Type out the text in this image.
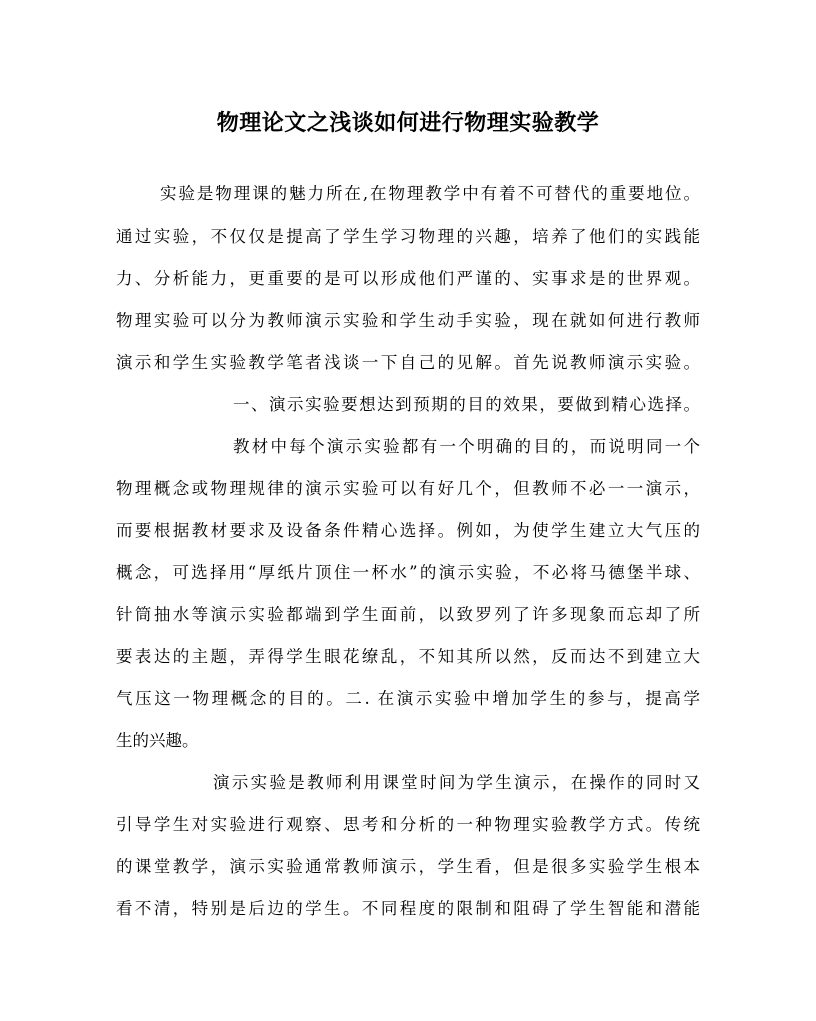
物理论文之浅谈如何进行物理实验教学
实验是物理课的魅力所在,在物理教学中有着不可替代的重要地位。
通过实验，不仅仅是提高了学生学习物理的兴趣，培养了他们的实践能
力、分析能力，更重要的是可以形成他们严谨的、实事求是的世界观。
物理实验可以分为教师演示实验和学生动手实验，现在就如何进行教师
演示和学生实验教学笔者浅谈一下自己的见解。首先说教师演示实验。
一、演示实验要想达到预期的目的效果，要做到精心选择。
教材中每个演示实验都有一个明确的目的，而说明同一个
物理概念或物理规律的演示实验可以有好几个，但教师不必一一演示，
而要根据教材要求及设备条件精心选择。例如，为使学生建立大气压的
概念，可选择用“厚纸片顶住一杯水”的演示实验，不必将马德堡半球、
针筒抽水等演示实验都端到学生面前，以致罗列了许多现象而忘却了所
要表达的主题，弄得学生眼花缭乱，不知其所以然，反而达不到建立大
气压这一物理概念的目的。二. 在演示实验中增加学生的参与，提高学
生的兴趣。
演示实验是教师利用课堂时间为学生演示，在操作的同时又
引导学生对实验进行观察、思考和分析的一种物理实验教学方式。传统
的课堂教学，演示实验通常教师演示，学生看，但是很多实验学生根本
看不清，特别是后边的学生。不同程度的限制和阻碍了学生智能和潜能
